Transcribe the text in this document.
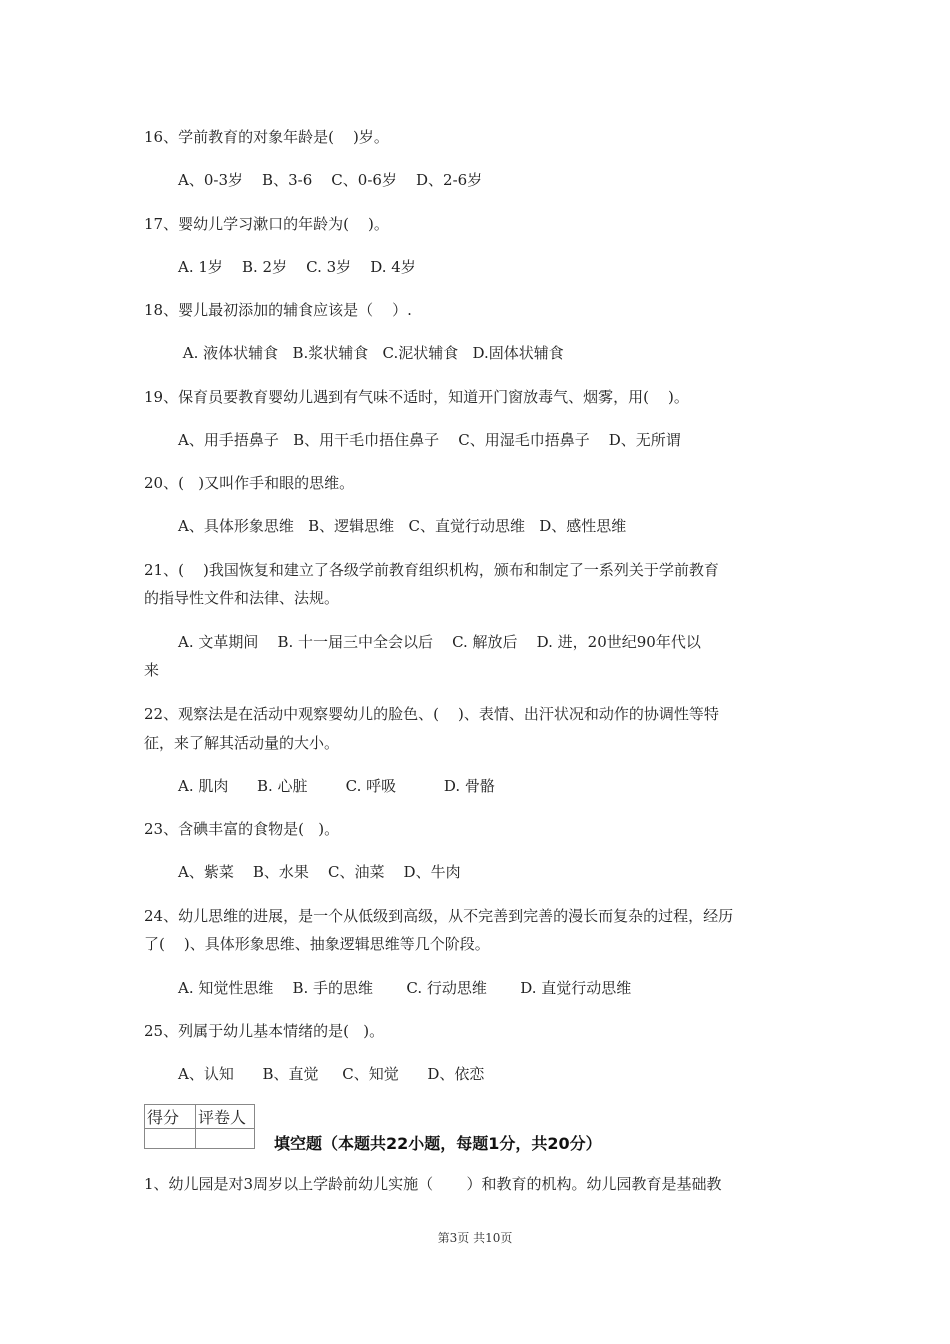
16、学前教育的对象年龄是(    )岁。
A、0-3岁    B、3-6    C、0-6岁    D、2-6岁
17、婴幼儿学习漱口的年龄为(    )。
A. 1岁    B. 2岁    C. 3岁    D. 4岁
18、婴儿最初添加的辅食应该是（    ）.
A. 液体状辅食   B.浆状辅食   C.泥状辅食   D.固体状辅食
19、保育员要教育婴幼儿遇到有气味不适时，知道开门窗放毒气、烟雾，用(    )。
A、用手捂鼻子   B、用干毛巾捂住鼻子    C、用湿毛巾捂鼻子    D、无所谓
20、(   )又叫作手和眼的思维。
A、具体形象思维   B、逻辑思维   C、直觉行动思维   D、感性思维
21、(    )我国恢复和建立了各级学前教育组织机构，颁布和制定了一系列关于学前教育
的指导性文件和法律、法规。
A. 文革期间    B. 十一届三中全会以后    C. 解放后    D. 进，20世纪90年代以
来
22、观察法是在活动中观察婴幼儿的脸色、(    )、表情、出汗状况和动作的协调性等特
征，来了解其活动量的大小。
A. 肌肉      B. 心脏        C. 呼吸          D. 骨骼
23、含碘丰富的食物是(   )。
A、紫菜    B、水果    C、油菜    D、牛肉
24、幼儿思维的进展，是一个从低级到高级，从不完善到完善的漫长而复杂的过程，经历
了(    )、具体形象思维、抽象逻辑思维等几个阶段。
A. 知觉性思维    B. 手的思维       C. 行动思维       D. 直觉行动思维
25、列属于幼儿基本情绪的是(   )。
A、认知      B、直觉     C、知觉      D、依恋
得分	评卷人

填空题（本题共22小题，每题1分，共20分）
1、幼儿园是对3周岁以上学龄前幼儿实施（       ）和教育的机构。幼儿园教育是基础教
第3页 共10页
